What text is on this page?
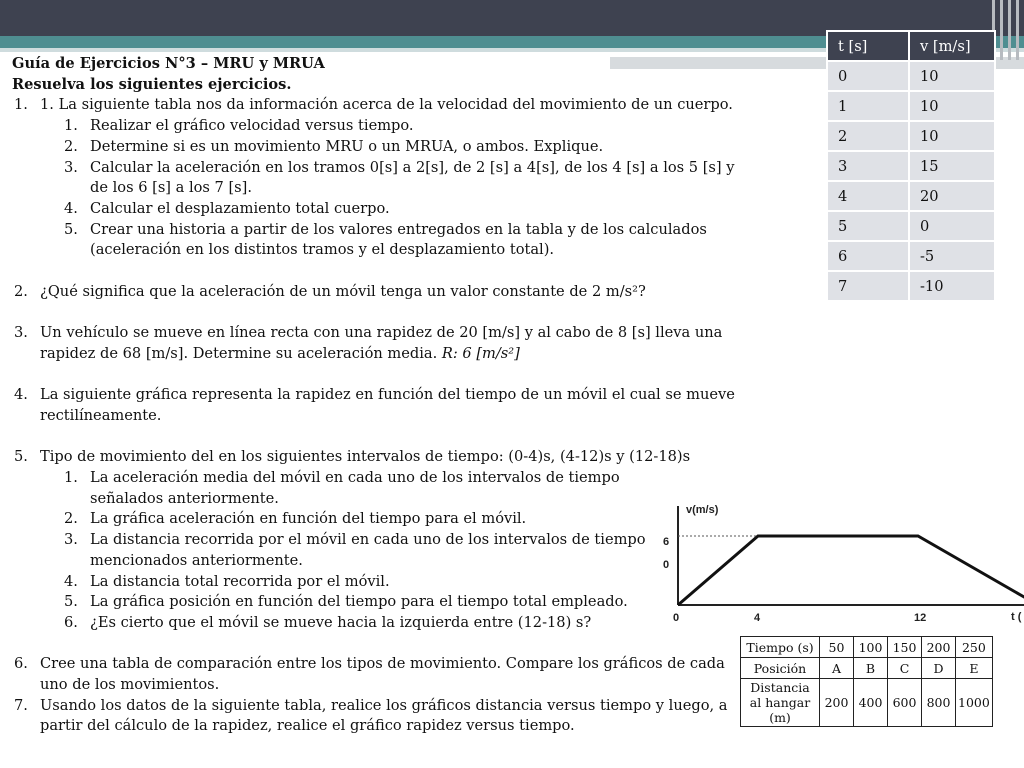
Guía de Ejercicios N°3 – MRU y MRUA
Resuelva los siguientes ejercicios.
1. 1. La siguiente tabla nos da información acerca de la velocidad del movimiento de un cuerpo.
1. Realizar el gráfico velocidad versus tiempo.
2. Determine si es un movimiento MRU o un MRUA, o ambos. Explique.
3. Calcular la aceleración en los tramos 0[s] a 2[s], de 2 [s] a 4[s], de los 4 [s] a los 5 [s] y de los 6 [s] a los 7 [s].
4. Calcular el desplazamiento total cuerpo.
5. Crear una historia a partir de los valores entregados en la tabla y de los calculados (aceleración en los distintos tramos y el desplazamiento total).
2. ¿Qué significa que la aceleración de un móvil tenga un valor constante de 2 m/s²?
3. Un vehículo se mueve en línea recta con una rapidez de 20 [m/s] y al cabo de 8 [s] lleva una rapidez de 68 [m/s]. Determine su aceleración media. R: 6 [m/s²]
4. La siguiente gráfica representa la rapidez en función del tiempo de un móvil el cual se mueve rectilíneamente.
5. Tipo de movimiento del en los siguientes intervalos de tiempo: (0-4)s, (4-12)s y (12-18)s
1. La aceleración media del móvil en cada uno de los intervalos de tiempo señalados anteriormente.
2. La gráfica aceleración en función del tiempo para el móvil.
3. La distancia recorrida por el móvil en cada uno de los intervalos de tiempo mencionados anteriormente.
4. La distancia total recorrida por el móvil.
5. La gráfica posición en función del tiempo para el tiempo total empleado.
6. ¿Es cierto que el móvil se mueve hacia la izquierda entre (12-18) s?
6. Cree una tabla de comparación entre los tipos de movimiento. Compare los gráficos de cada uno de los movimientos.
7. Usando los datos de la siguiente tabla, realice los gráficos distancia versus tiempo y luego, a partir del cálculo de la rapidez, realice el gráfico rapidez versus tiempo.
t [s]	v [m/s]
0	10
1	10
2	10
3	15
4	20
5	0
6	-5
7	-10
v(m/s)
6
0
t (
0	4	12
Tiempo (s)	50	100	150	200	250
Posición	A	B	C	D	E
Distancia al hangar (m)	200	400	600	800	1000
